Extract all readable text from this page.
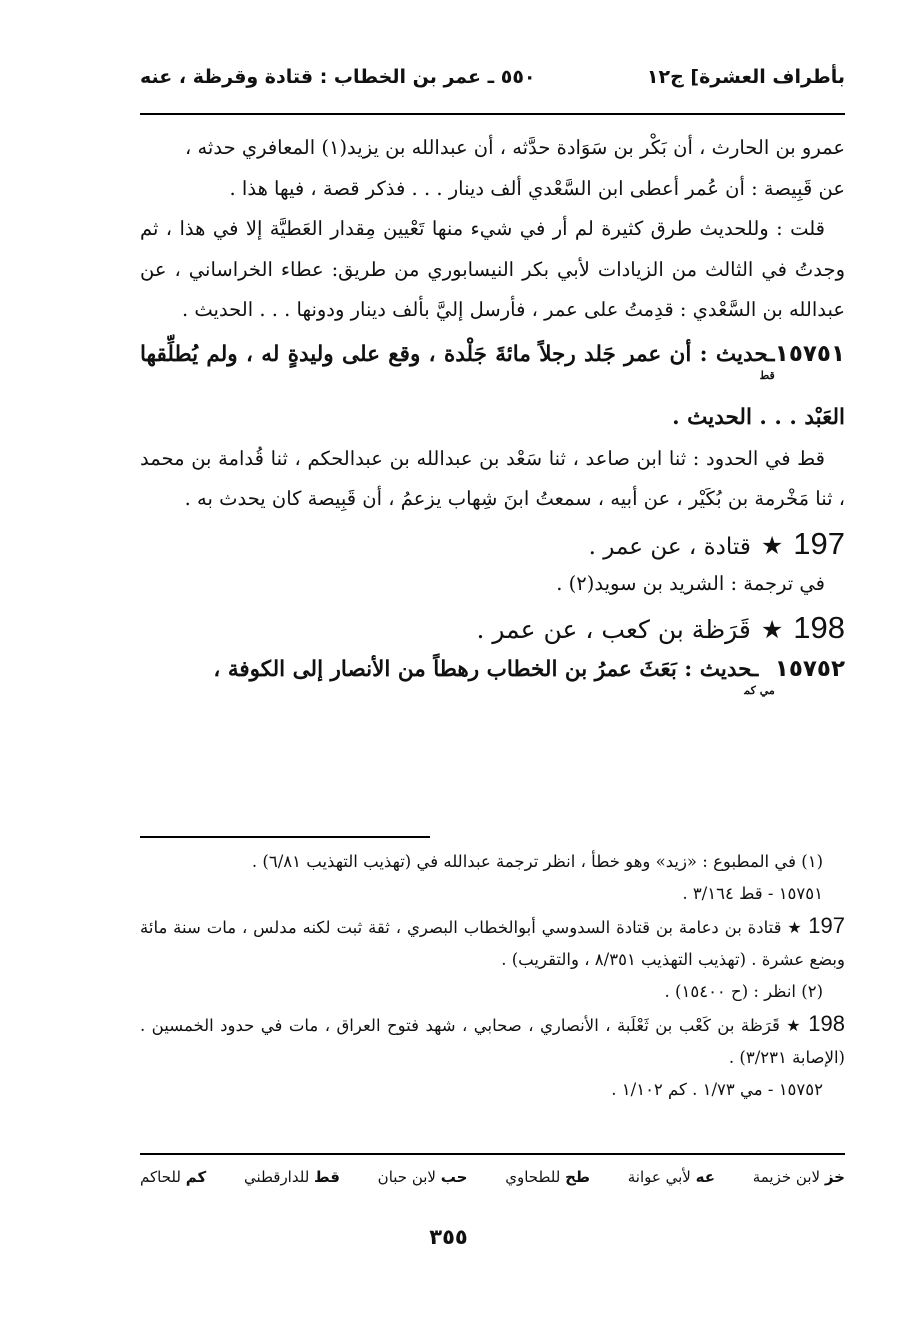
بأطراف العشرة] ج١٢
٥٥٠ ـ عمر بن الخطاب : قتادة وقرظة ، عنه

عمرو بن الحارث ، أن بَكْر بن سَوَادة حدَّثه ، أن عبدالله بن يزيد(١) المعافري حدثه ،
عن قَبِيصة : أن عُمر أعطى ابن السَّعْدي ألف دينار . . . فذكر قصة ، فيها هذا .

قلت : وللحديث طرق كثيرة لم أر في شيء منها تَعْيين مِقدار العَطيَّة إلا في هذا ، ثم وجدتُ في الثالث من الزيادات لأبي بكر النيسابوري من طريق: عطاء الخراساني ، عن عبدالله بن السَّعْدي : قدِمتُ على عمر ، فأرسل إليَّ بألف دينار ودونها . . . الحديث .

$١٥٧٥١_{قط}ـحديث$ : أن عمر جَلد رجلاً مائةَ جَلْدة ، وقع على وليدةٍ له ، ولم يُطلِّقها العَبْد . . . الحديث .

قط في الحدود : ثنا ابن صاعد ، ثنا سَعْد بن عبدالله بن عبدالحكم ، ثنا قُدامة بن محمد ، ثنا مَخْرمة بن بُكَيْر ، عن أبيه ، سمعتُ ابنَ شِهاب يزعمُ ، أن قَبِيصة كان يحدث به .

197
★
قتادة ، عن عمر .

في ترجمة : الشريد بن سويد(٢) .

198
★
قَرَظة بن كعب ، عن عمر .

$١٥٧٥٢_{مي كم}ـحديث$ : بَعَثَ عمرُ بن الخطاب رهطاً من الأنصار إلى الكوفة ،

(١) في المطبوع : «زيد» وهو خطأ ، انظر ترجمة عبدالله في (تهذيب التهذيب ٦/٨١) .

١٥٧٥١ - قط ٣/١٦٤ .

197 ★ قتادة بن دعامة بن قتادة السدوسي أبوالخطاب البصري ، ثقة ثبت لكنه مدلس ، مات سنة مائة وبضع عشرة . (تهذيب التهذيب ٨/٣٥١ ، والتقريب) .

(٢) انظر : (ح ١٥٤٠٠) .

198 ★ قَرَظة بن كَعْب بن ثَعْلَبة ، الأنصاري ، صحابي ، شهد فتوح العراق ، مات في حدود الخمسين . (الإصابة ٣/٢٣١) .

١٥٧٥٢ - مي ١/٧٣ . كم ١/١٠٢ .

خز لابن خزيمة
عه لأبي عوانة
طح للطحاوي
حب لابن حبان
قط للدارقطني
كم للحاكم
٣٥٥
